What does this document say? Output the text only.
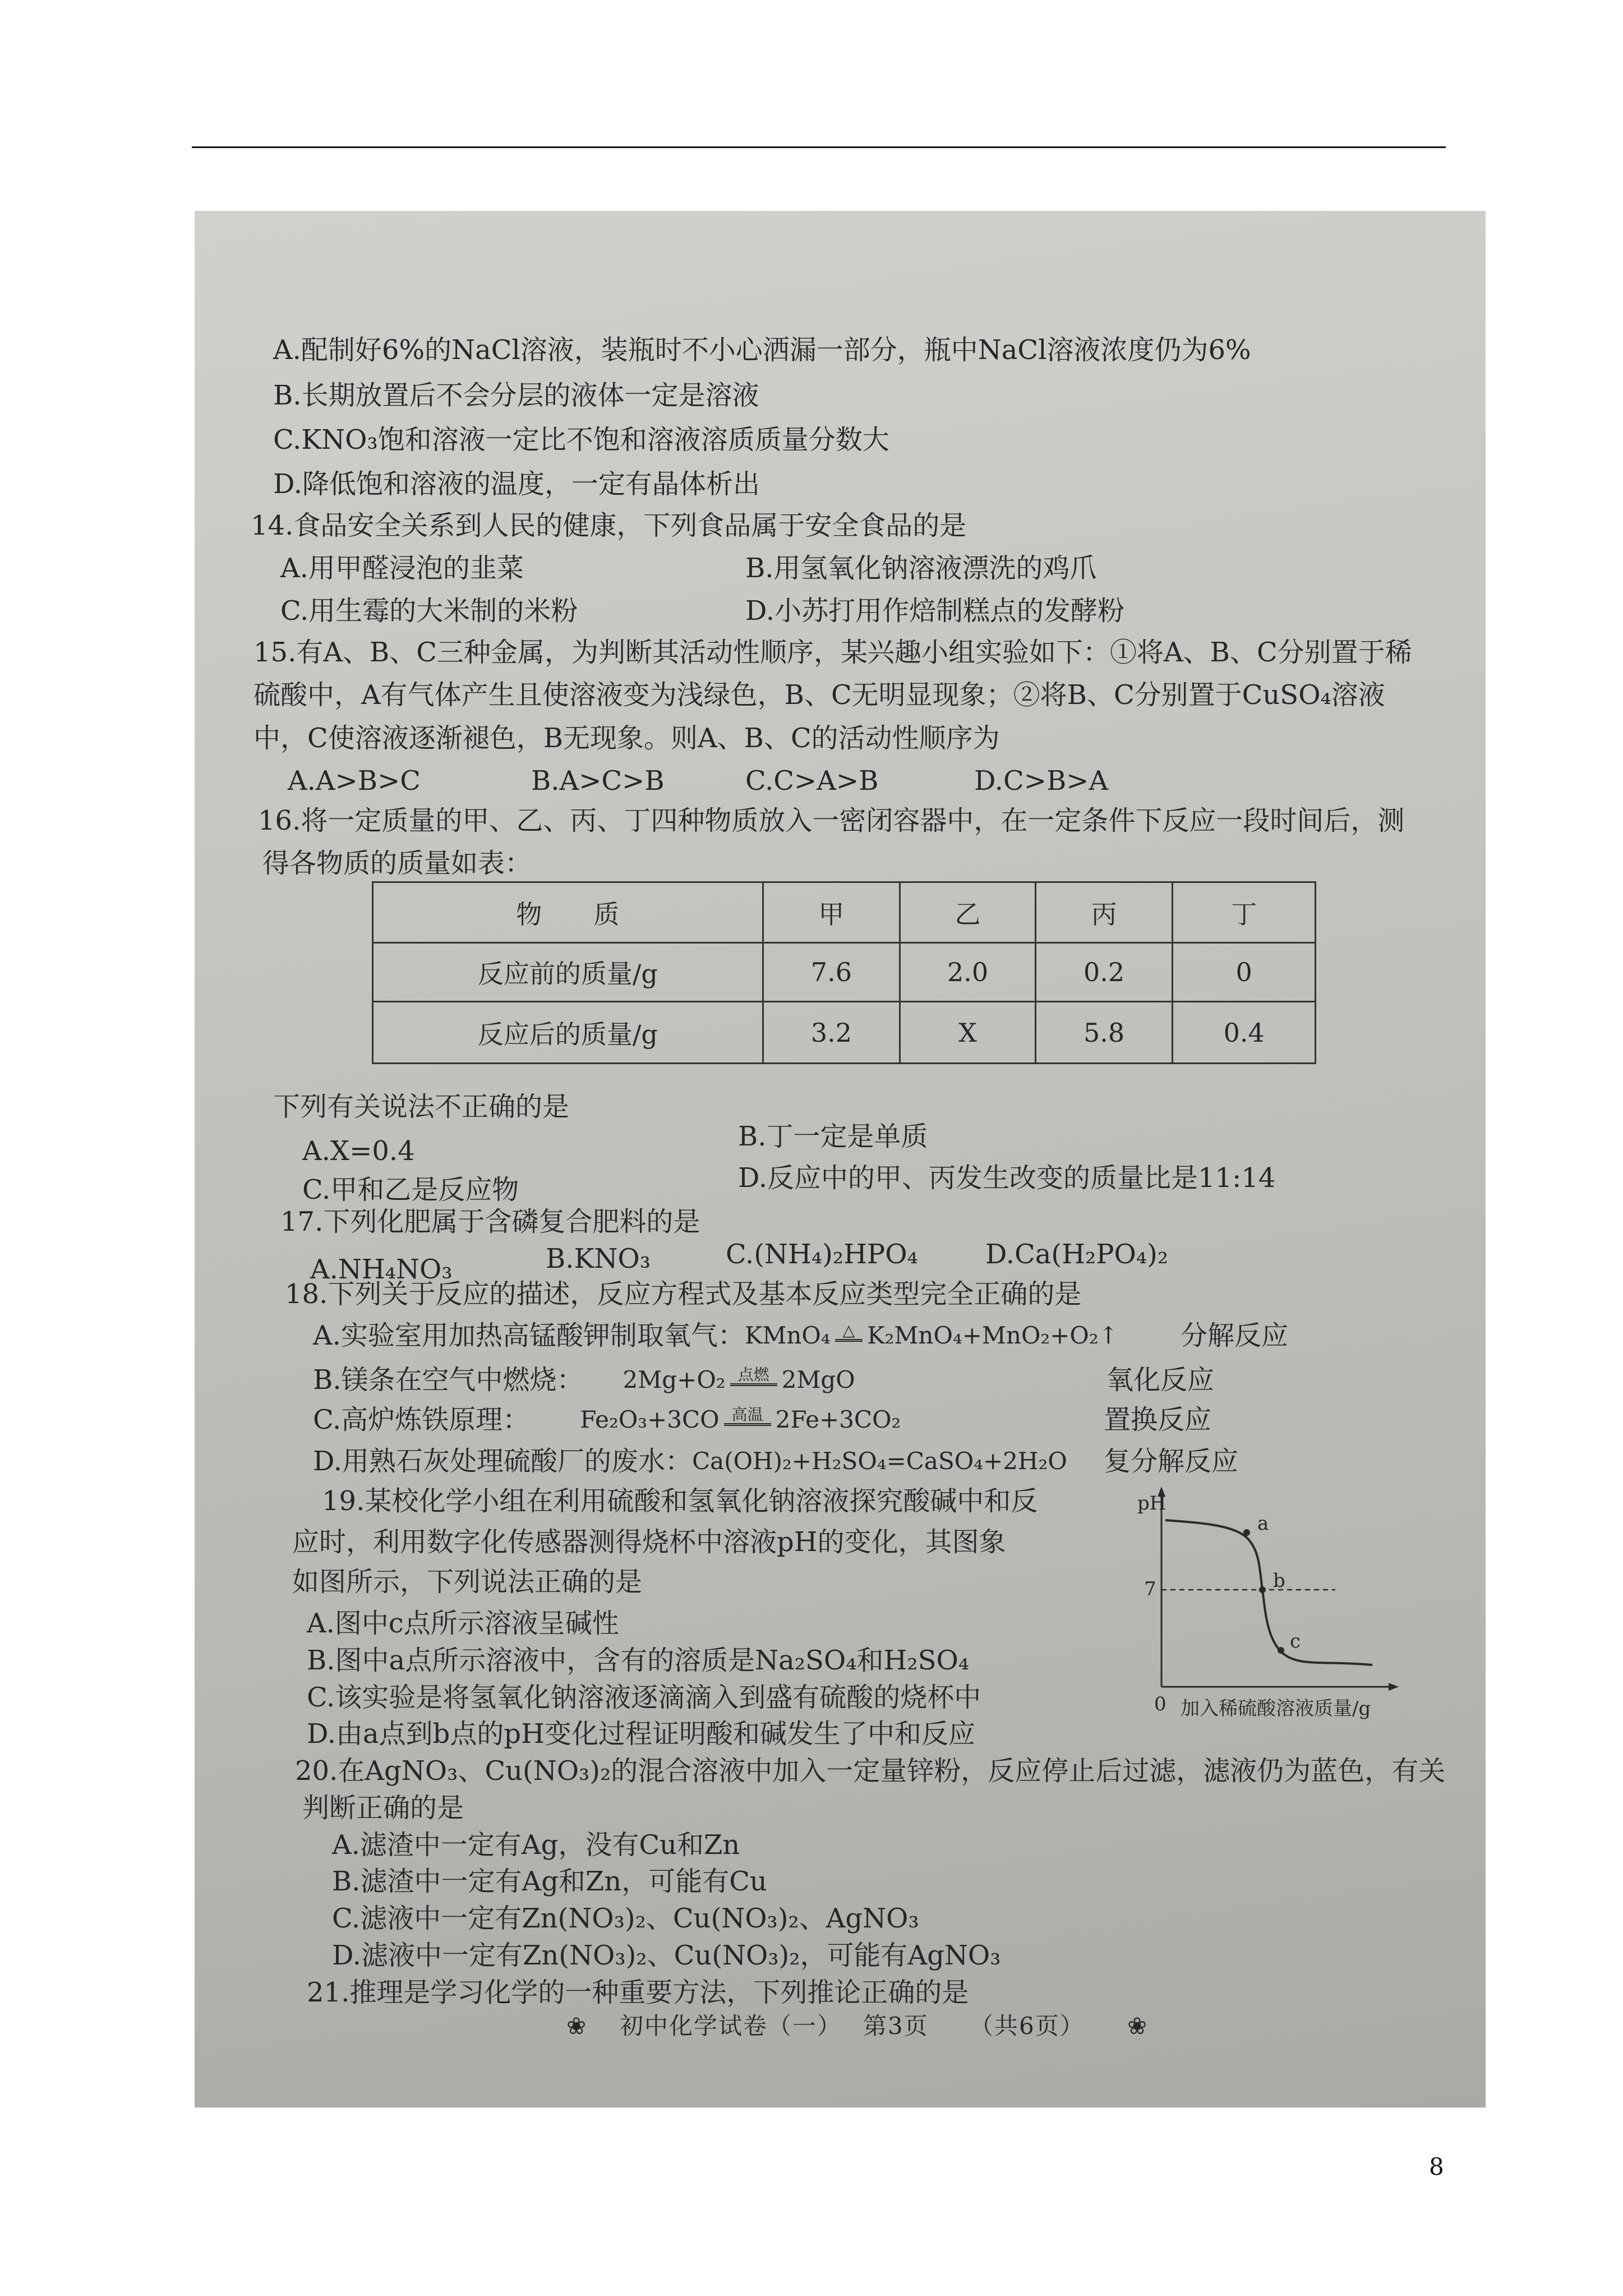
A.配制好6%的NaCl溶液，装瓶时不小心洒漏一部分，瓶中NaCl溶液浓度仍为6%
B.长期放置后不会分层的液体一定是溶液
C.KNO₃饱和溶液一定比不饱和溶液溶质质量分数大
D.降低饱和溶液的温度，一定有晶体析出
14.食品安全关系到人民的健康，下列食品属于安全食品的是
A.用甲醛浸泡的韭菜	B.用氢氧化钠溶液漂洗的鸡爪
C.用生霉的大米制的米粉	D.小苏打用作焙制糕点的发酵粉
15.有A、B、C三种金属，为判断其活动性顺序，某兴趣小组实验如下：①将A、B、C分别置于稀
硫酸中，A有气体产生且使溶液变为浅绿色，B、C无明显现象；②将B、C分别置于CuSO₄溶液
中，C使溶液逐渐褪色，B无现象。则A、B、C的活动性顺序为
A.A>B>C	B.A>C>B	C.C>A>B	D.C>B>A
16.将一定质量的甲、乙、丙、丁四种物质放入一密闭容器中，在一定条件下反应一段时间后，测
得各物质的质量如表：
物　　质	甲	乙	丙	丁
反应前的质量/g	7.6	2.0	0.2	0
反应后的质量/g	3.2	X	5.8	0.4
下列有关说法不正确的是
A.X=0.4	B.丁一定是单质
C.甲和乙是反应物	D.反应中的甲、丙发生改变的质量比是11:14
17.下列化肥属于含磷复合肥料的是
A.NH₄NO₃	B.KNO₃	C.(NH₄)₂HPO₄	D.Ca(H₂PO₄)₂
18.下列关于反应的描述，反应方程式及基本反应类型完全正确的是
A.实验室用加热高锰酸钾制取氧气： KMnO₄ △ K₂MnO₄+MnO₂+O₂↑ 分解反应
B.镁条在空气中燃烧： 2Mg+O₂ 点燃 2MgO	氧化反应
C.高炉炼铁原理： Fe₂O₃+3CO 高温 2Fe+3CO₂	置换反应
D.用熟石灰处理硫酸厂的废水： Ca(OH)₂+H₂SO₄=CaSO₄+2H₂O 复分解反应
19.某校化学小组在利用硫酸和氢氧化钠溶液探究酸碱中和反
应时，利用数字化传感器测得烧杯中溶液pH的变化，其图象
如图所示，下列说法正确的是
A.图中c点所示溶液呈碱性
B.图中a点所示溶液中，含有的溶质是Na₂SO₄和H₂SO₄
C.该实验是将氢氧化钠溶液逐滴滴入到盛有硫酸的烧杯中
D.由a点到b点的pH变化过程证明酸和碱发生了中和反应
pH
7
0
a
b
c
加入稀硫酸溶液质量/g
20.在AgNO₃、Cu(NO₃)₂的混合溶液中加入一定量锌粉，反应停止后过滤，滤液仍为蓝色，有关
判断正确的是
A.滤渣中一定有Ag，没有Cu和Zn
B.滤渣中一定有Ag和Zn，可能有Cu
C.滤液中一定有Zn(NO₃)₂、Cu(NO₃)₂、AgNO₃
D.滤液中一定有Zn(NO₃)₂、Cu(NO₃)₂，可能有AgNO₃
21.推理是学习化学的一种重要方法，下列推论正确的是
❀
初中化学试卷（一） 第3页 （共6页）
❀
8
